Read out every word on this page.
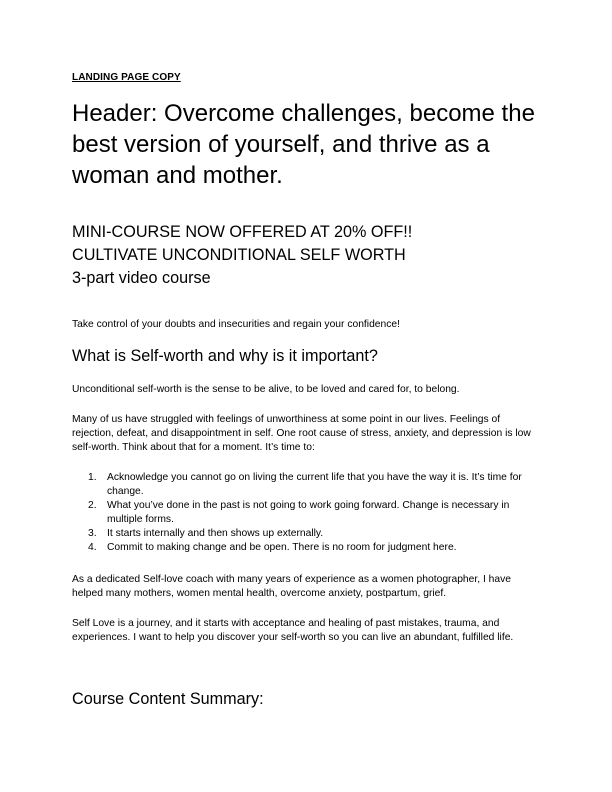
LANDING PAGE COPY
Header: Overcome challenges, become the best version of yourself, and thrive as a woman and mother.
MINI-COURSE NOW OFFERED AT 20% OFF!!
CULTIVATE UNCONDITIONAL SELF WORTH
3-part video course

Take control of your doubts and insecurities and regain your confidence!

What is Self-worth and why is it important?

Unconditional self-worth is the sense to be alive, to be loved and cared for, to belong.

Many of us have struggled with feelings of unworthiness at some point in our lives. Feelings of rejection, defeat, and disappointment in self. One root cause of stress, anxiety, and depression is low self-worth. Think about that for a moment. It’s time to:

1. Acknowledge you cannot go on living the current life that you have the way it is. It’s time for change.
2. What you’ve done in the past is not going to work going forward. Change is necessary in multiple forms.
3. It starts internally and then shows up externally.
4. Commit to making change and be open. There is no room for judgment here.

As a dedicated Self-love coach with many years of experience as a women photographer, I have helped many mothers, women mental health, overcome anxiety, postpartum, grief.

Self Love is a journey, and it starts with acceptance and healing of past mistakes, trauma, and experiences. I want to help you discover your self-worth so you can live an abundant, fulfilled life.

Course Content Summary:
